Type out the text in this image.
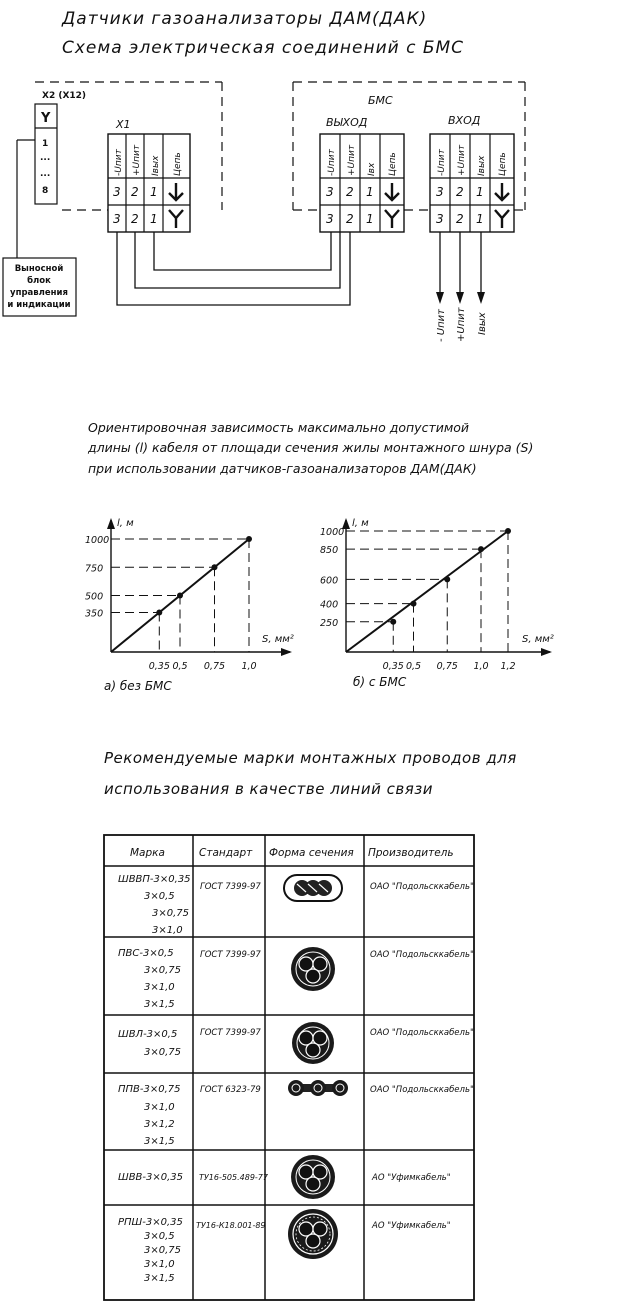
Датчики газоанализаторы ДАМ(ДАК)
Схема электрическая соединений с БМС
X2 (X12)
Y
1
...
...
8
Выносной
блок
управления
и индикации
X1
БМС
ВЫХОД	ВХОД
-Uпит +Uпит Iвых Цепь
3 2 1
3 2 1
-Uпит +Uпит Iвх Цепь
3 2 1
3 2 1
-Uпит +Uпит Iвых Цепь
3 2 1
3 2 1
- Uпит +Uпит Iвых
Ориентировочная зависимость максимально допустимой
длины (l) кабеля от площади сечения жилы монтажного шнура (S)
при использовании датчиков-газоанализаторов ДАМ(ДАК)
l, м
S, мм²
350
0,35
500
0,5
750
0,75
1000
1,0
а) без БМС
l, м
S, мм²
250
0,35
400
0,5
600
0,75
850
1,0
1000
1,2
б) с БМС
Рекомендуемые марки монтажных проводов для
использования в качестве линий связи
Марка	Стандарт Форма сечения Производитель
ШВВП-3×0,35
3×0,5
3×0,75
3×1,0
ГОСТ 7399-97	ОАО "Подольсккабель"
ПВС-3×0,5
3×0,75
3×1,0
3×1,5
ГОСТ 7399-97	ОАО "Подольсккабель"
ШВЛ-3×0,5
3×0,75
ГОСТ 7399-97	ОАО "Подольсккабель"
ППВ-3×0,75
3×1,0
3×1,2
3×1,5
ГОСТ 6323-79	ОАО "Подольсккабель"
ШВВ-3×0,35 ТУ16-505.489-77	АО "Уфимкабель"
РПШ-3×0,35
3×0,5
3×0,75
3×1,0
3×1,5
ТУ16-К18.001-89	АО "Уфимкабель"
